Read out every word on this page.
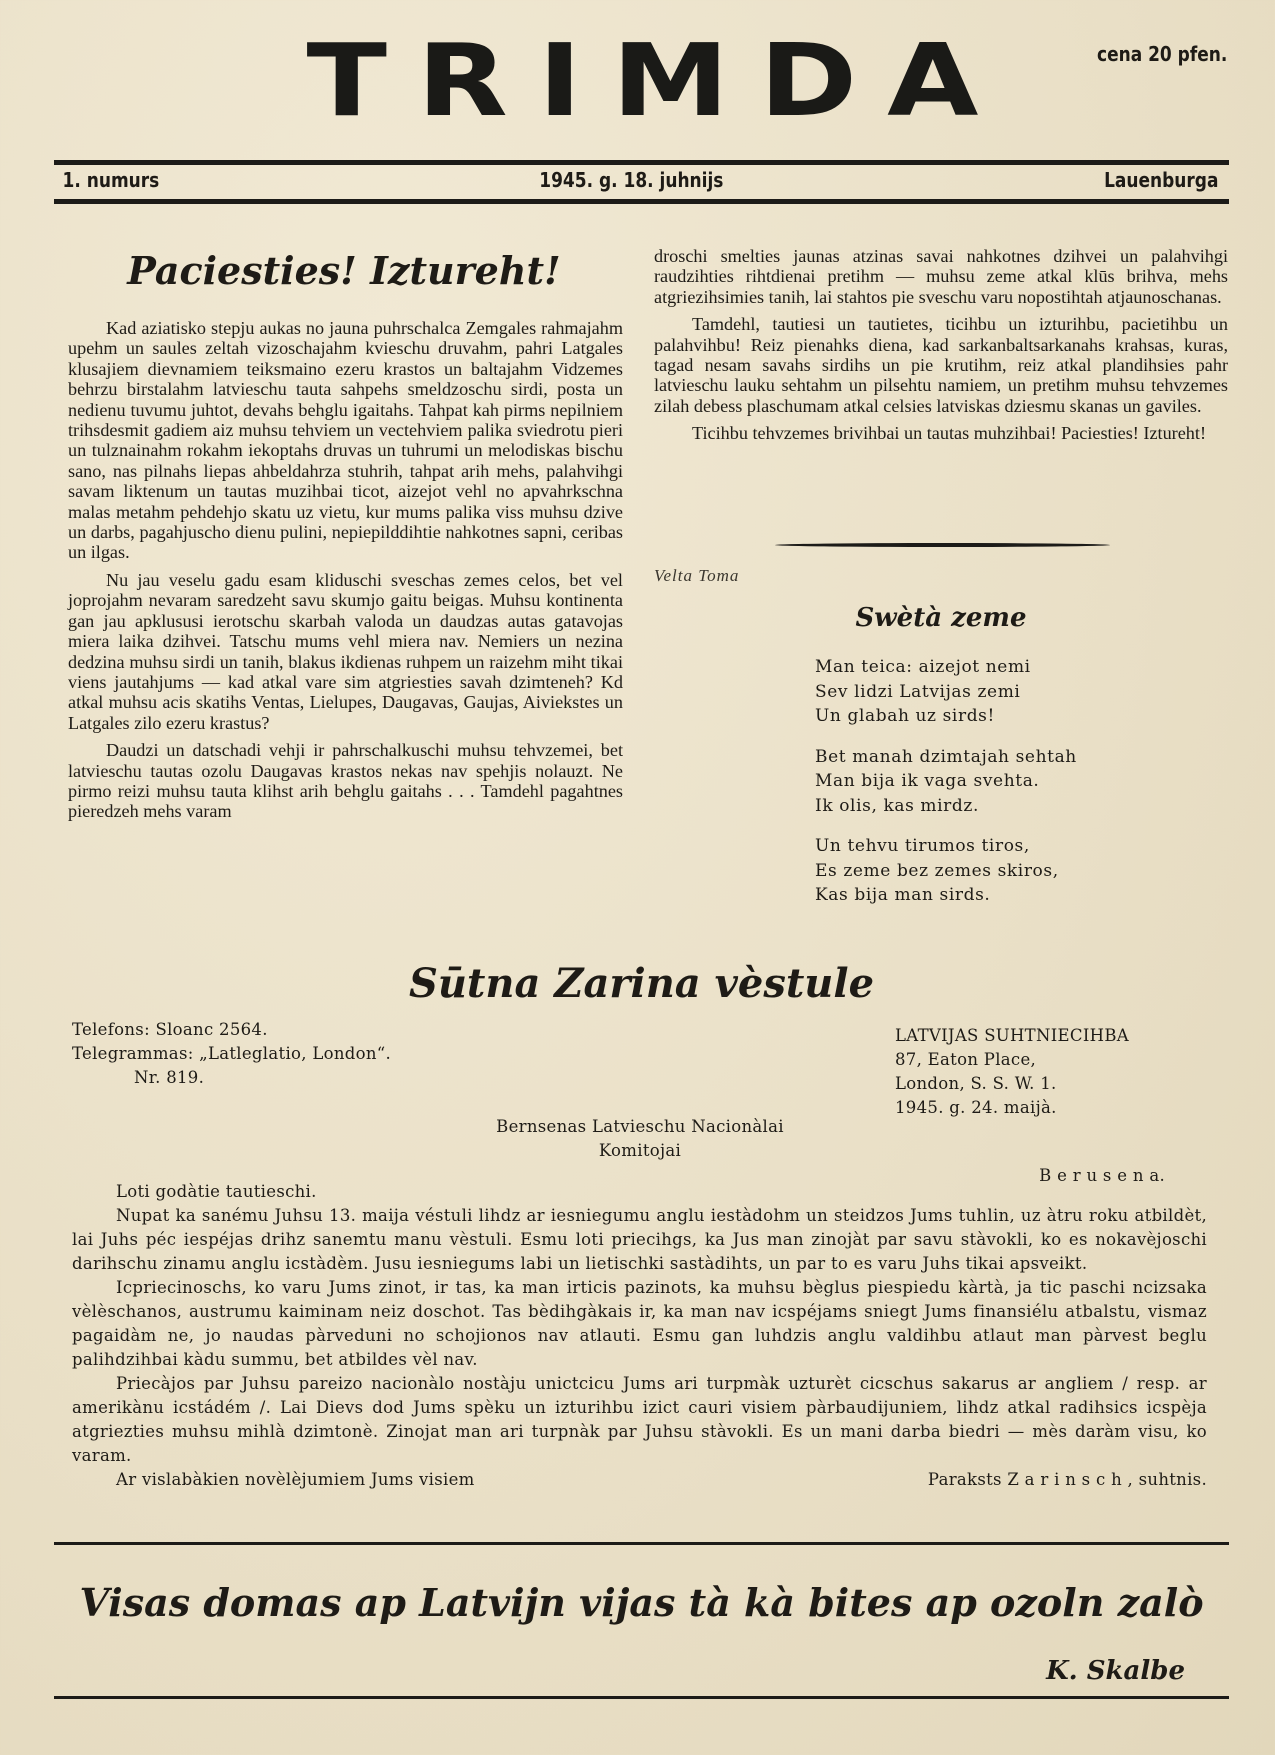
TRIMDA	cena 20 pfen.
1. numurs	1945. g. 18. juhnijs	Lauenburga
Paciesties! Iztureht!

Kad aziatisko stepju aukas no jauna puhrschalca Zemgales rahmajahm upehm un saules zeltah vizoschajahm kvieschu druvahm, pahri Latgales klusajiem dievnamiem teiksmaino ezeru krastos un baltajahm Vidzemes behrzu birstalahm latvieschu tauta sahpehs smeldzoschu sirdi, posta un nedienu tuvumu juhtot, devahs behglu igaitahs. Tahpat kah pirms nepilniem trihsdesmit gadiem aiz muhsu tehviem un vectehviem palika sviedrotu pieri un tulznainahm rokahm iekoptahs druvas un tuhrumi un melodiskas bischu sano, nas pilnahs liepas ahbeldahrza stuhrih, tahpat arih mehs, palahvihgi savam liktenum un tautas muzihbai ticot, aizejot vehl no apvahrkschna malas metahm pehdehjo skatu uz vietu, kur mums palika viss muhsu dzive un darbs, pagahjuscho dienu pulini, nepiepilddihtie nahkotnes sapni, ceribas un ilgas.

Nu jau veselu gadu esam kliduschi sveschas zemes celos, bet vel joprojahm nevaram saredzeht savu skumjo gaitu beigas. Muhsu kontinenta gan jau apklususi ierotschu skarbah valoda un daudzas autas gatavojas miera laika dzihvei. Tatschu mums vehl miera nav. Nemiers un nezina dedzina muhsu sirdi un tanih, blakus ikdienas ruhpem un raizehm miht tikai viens jautahjums — kad atkal vare sim atgriesties savah dzimteneh? Kd atkal muhsu acis skatihs Ventas, Lielupes, Daugavas, Gaujas, Aiviekstes un Latgales zilo ezeru krastus?

Daudzi un datschadi vehji ir pahrschalkuschi muhsu tehvzemei, bet latvieschu tautas ozolu Daugavas krastos nekas nav spehjis nolauzt. Ne pirmo reizi muhsu tauta klihst arih behglu gaitahs . . . Tamdehl pagahtnes pieredzeh mehs varam

droschi smelties jaunas atzinas savai nahkotnes dzihvei un palahvihgi raudzihties rihtdienai pretihm — muhsu zeme atkal klūs brihva, mehs atgriezihsimies tanih, lai stahtos pie sveschu varu nopostihtah atjaunoschanas.

Tamdehl, tautiesi un tautietes, ticihbu un izturihbu, pacietihbu un palahvihbu! Reiz pienahks diena, kad sarkanbaltsarkanahs krahsas, kuras, tagad nesam savahs sirdihs un pie krutihm, reiz atkal plandihsies pahr latvieschu lauku sehtahm un pilsehtu namiem, un pretihm muhsu tehvzemes zilah debess plaschumam atkal celsies latviskas dziesmu skanas un gaviles.

Ticihbu tehvzemes brivihbai un tautas muhzihbai! Paciesties! Iztureht!

Velta Toma
Swètà zeme
Man teica: aizejot nemi
Sev lidzi Latvijas zemi
Un glabah uz sirds!
Bet manah dzimtajah sehtah
Man bija ik vaga svehta.
Ik olis, kas mirdz.
Un tehvu tirumos tiros,
Es zeme bez zemes skiros,
Kas bija man sirds.
Sūtna Zarina vèstule
Telefons: Sloanc 2564.
Telegrammas: „Latleglatio, London“.
Nr. 819.
LATVIJAS SUHTNIECIHBA
87, Eaton Place,
London, S. S. W. 1.
1945. g. 24. maijà.
Bernsenas Latvieschu Nacionàlai
Komitojai
B e r u s e n a.

Loti godàtie tautieschi.

Nupat ka sanému Juhsu 13. maija véstuli lihdz ar iesniegumu anglu iestàdohm un steidzos Jums tuhlin, uz àtru roku atbildèt, lai Juhs péc iespéjas drihz sanemtu manu vèstuli. Esmu loti priecihgs, ka Jus man zinojàt par savu stàvokli, ko es nokavèjoschi darihschu zinamu anglu icstàdèm. Jusu iesniegums labi un lietischki sastàdihts, un par to es varu Juhs tikai apsveikt.

Icpriecinoschs, ko varu Jums zinot, ir tas, ka man irticis pazinots, ka muhsu bèglus piespiedu kàrtà, ja tic paschi ncizsaka vèlèschanos, austrumu kaiminam neiz doschot. Tas bèdihgàkais ir, ka man nav icspéjams sniegt Jums finansiélu atbalstu, vismaz pagaidàm ne, jo naudas pàrveduni no schojionos nav atlauti. Esmu gan luhdzis anglu valdihbu atlaut man pàrvest beglu palihdzihbai kàdu summu, bet atbildes vèl nav.

Priecàjos par Juhsu pareizo nacionàlo nostàju unictcicu Jums ari turpmàk uzturèt cicschus sakarus ar angliem / resp. ar amerikànu icstádém /. Lai Dievs dod Jums spèku un izturihbu izict cauri visiem pàrbaudijuniem, lihdz atkal radihsics icspèja atgriezties muhsu mihlà dzimtonè. Zinojat man ari turpnàk par Juhsu stàvokli. Es un mani darba biedri — mès daràm visu, ko varam.

Ar vislabàkien novèlèjumiem Jums visiem	Paraksts Z a r i n s c h , suhtnis.
Visas domas ap Latvijn vijas tà kà bites ap ozoln zalò
K. Skalbe
